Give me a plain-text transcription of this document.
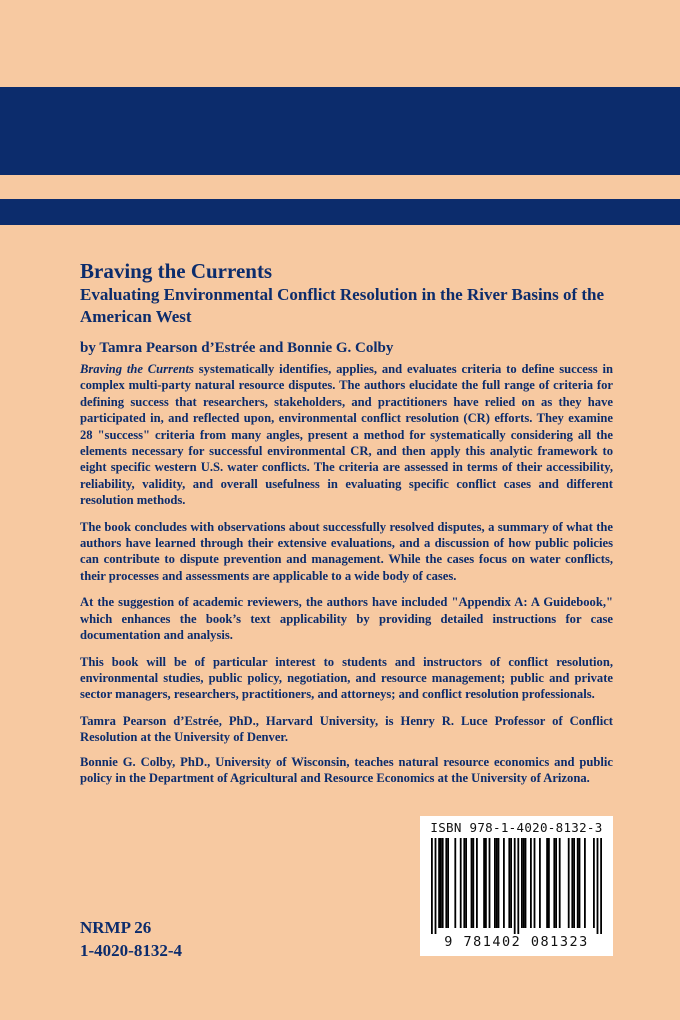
Braving the Currents
Evaluating Environmental Conflict Resolution in the River Basins of the American West
by Tamra Pearson d’Estrée and Bonnie G. Colby

Braving the Currents systematically identifies, applies, and evaluates criteria to define success in complex multi-party natural resource disputes. The authors elucidate the full range of criteria for defining success that researchers, stakeholders, and practitioners have relied on as they have participated in, and reflected upon, environmental conflict resolution (CR) efforts. They examine 28 "success" criteria from many angles, present a method for systematically considering all the elements necessary for successful environmental CR, and then apply this analytic framework to eight specific western U.S. water conflicts. The criteria are assessed in terms of their accessibility, reliability, validity, and overall usefulness in evaluating specific conflict cases and different resolution methods.

The book concludes with observations about successfully resolved disputes, a summary of what the authors have learned through their extensive evaluations, and a discussion of how public policies can contribute to dispute prevention and management. While the cases focus on water conflicts, their processes and assessments are applicable to a wide body of cases.

At the suggestion of academic reviewers, the authors have included "Appendix A: A Guidebook," which enhances the book’s text applicability by providing detailed instructions for case documentation and analysis.

This book will be of particular interest to students and instructors of conflict resolution, environmental studies, public policy, negotiation, and resource management; public and private sector managers, researchers, practitioners, and attorneys; and conflict resolution professionals.

Tamra Pearson d’Estrée, PhD., Harvard University, is Henry R. Luce Professor of Conflict Resolution at the University of Denver.

Bonnie G. Colby, PhD., University of Wisconsin, teaches natural resource economics and public policy in the Department of Agricultural and Resource Economics at the University of Arizona.

NRMP 26
1-4020-8132-4
ISBN 978-1-4020-8132-3
9 781402 081323
